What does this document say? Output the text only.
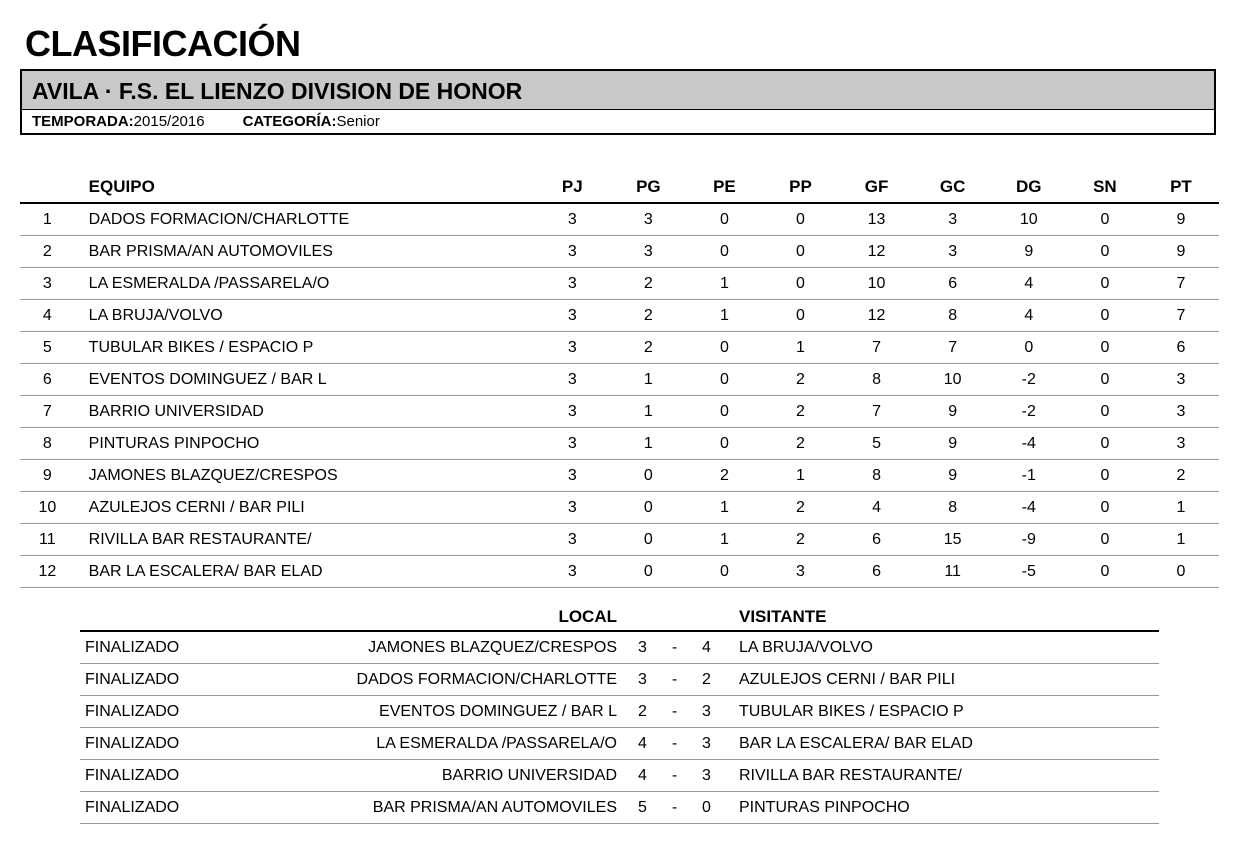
CLASIFICACIÓN
AVILA · F.S. EL LIENZO DIVISION DE HONOR
TEMPORADA:2015/2016	CATEGORÍA:Senior
	EQUIPO	PJ	PG	PE	PP	GF	GC	DG	SN	PT
1	DADOS FORMACION/CHARLOTTE	3	3	0	0	13	3	10	0	9
2	BAR PRISMA/AN AUTOMOVILES	3	3	0	0	12	3	9	0	9
3	LA ESMERALDA /PASSARELA/O	3	2	1	0	10	6	4	0	7
4	LA BRUJA/VOLVO	3	2	1	0	12	8	4	0	7
5	TUBULAR BIKES / ESPACIO P	3	2	0	1	7	7	0	0	6
6	EVENTOS DOMINGUEZ / BAR L	3	1	0	2	8	10	-2	0	3
7	BARRIO UNIVERSIDAD	3	1	0	2	7	9	-2	0	3
8	PINTURAS PINPOCHO	3	1	0	2	5	9	-4	0	3
9	JAMONES BLAZQUEZ/CRESPOS	3	0	2	1	8	9	-1	0	2
10	AZULEJOS CERNI / BAR PILI	3	0	1	2	4	8	-4	0	1
11	RIVILLA BAR RESTAURANTE/	3	0	1	2	6	15	-9	0	1
12	BAR LA ESCALERA/ BAR ELAD	3	0	0	3	6	11	-5	0	0
	LOCAL				VISITANTE
FINALIZADO	JAMONES BLAZQUEZ/CRESPOS	3	-	4	LA BRUJA/VOLVO
FINALIZADO	DADOS FORMACION/CHARLOTTE	3	-	2	AZULEJOS CERNI / BAR PILI
FINALIZADO	EVENTOS DOMINGUEZ / BAR L	2	-	3	TUBULAR BIKES / ESPACIO P
FINALIZADO	LA ESMERALDA /PASSARELA/O	4	-	3	BAR LA ESCALERA/ BAR ELAD
FINALIZADO	BARRIO UNIVERSIDAD	4	-	3	RIVILLA BAR RESTAURANTE/
FINALIZADO	BAR PRISMA/AN AUTOMOVILES	5	-	0	PINTURAS PINPOCHO
